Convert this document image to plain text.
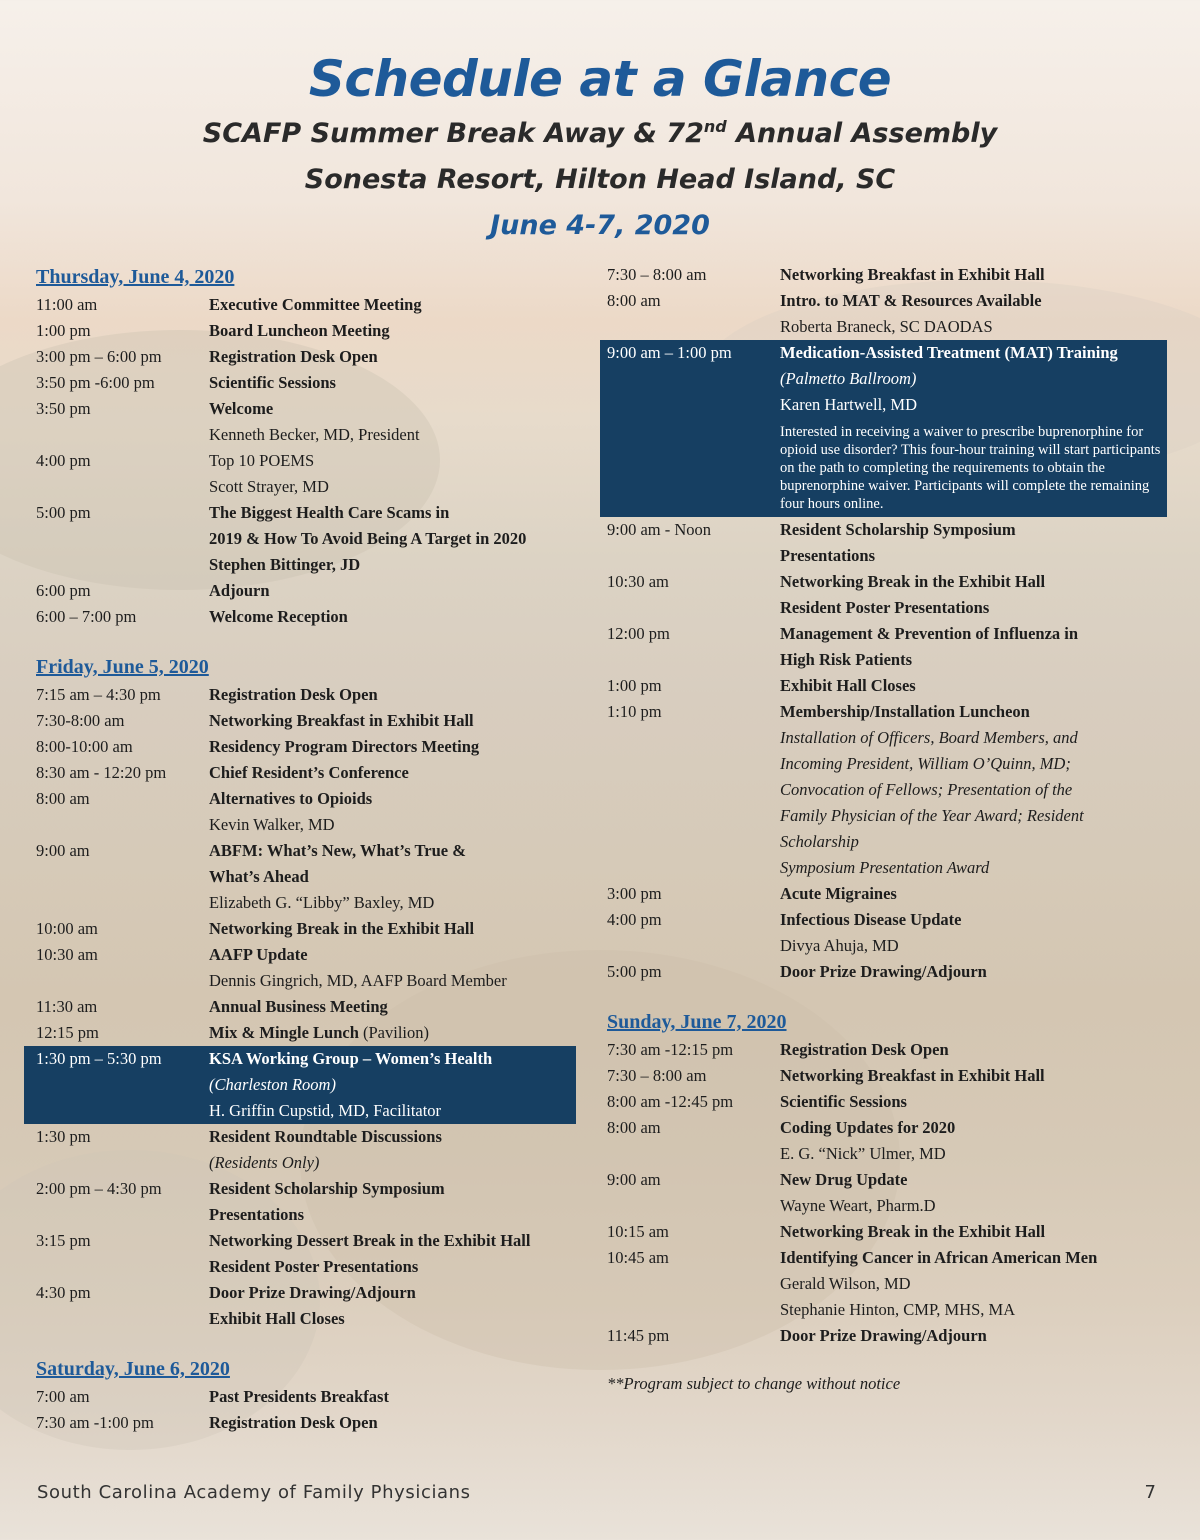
Schedule at a Glance
SCAFP Summer Break Away & 72nd Annual Assembly
Sonesta Resort, Hilton Head Island, SC
June 4-7, 2020
Thursday, June 4, 2020
11:00 am	Executive Committee Meeting
1:00 pm	Board Luncheon Meeting
3:00 pm – 6:00 pm	Registration Desk Open
3:50 pm -6:00 pm	Scientific Sessions
3:50 pm	Welcome
Kenneth Becker, MD, President
4:00 pm	Top 10 POEMS
Scott Strayer, MD
5:00 pm	The Biggest Health Care Scams in
2019 & How To Avoid Being A Target in 2020
Stephen Bittinger, JD
6:00 pm	Adjourn
6:00 – 7:00 pm	Welcome Reception
Friday, June 5, 2020
7:15 am – 4:30 pm	Registration Desk Open
7:30-8:00 am	Networking Breakfast in Exhibit Hall
8:00-10:00 am	Residency Program Directors Meeting
8:30 am - 12:20 pm	Chief Resident’s Conference
8:00 am	Alternatives to Opioids
Kevin Walker, MD
9:00 am	ABFM: What’s New, What’s True &
What’s Ahead
Elizabeth G. “Libby” Baxley, MD
10:00 am	Networking Break in the Exhibit Hall
10:30 am	AAFP Update
Dennis Gingrich, MD, AAFP Board Member
11:30 am	Annual Business Meeting
12:15 pm	Mix & Mingle Lunch (Pavilion)
1:30 pm – 5:30 pm	KSA Working Group – Women’s Health
(Charleston Room)
H. Griffin Cupstid, MD, Facilitator
1:30 pm	Resident Roundtable Discussions
(Residents Only)
2:00 pm – 4:30 pm	Resident Scholarship Symposium
Presentations
3:15 pm	Networking Dessert Break in the Exhibit Hall
Resident Poster Presentations
4:30 pm	Door Prize Drawing/Adjourn
Exhibit Hall Closes
Saturday, June 6, 2020
7:00 am	Past Presidents Breakfast
7:30 am -1:00 pm	Registration Desk Open
7:30 – 8:00 am	Networking Breakfast in Exhibit Hall
8:00 am	Intro. to MAT & Resources Available
Roberta Braneck, SC DAODAS
9:00 am – 1:00 pm	Medication-Assisted Treatment (MAT) Training
(Palmetto Ballroom)
Karen Hartwell, MD
Interested in receiving a waiver to prescribe buprenorphine for opioid use disorder? This four-hour training will start participants on the path to completing the requirements to obtain the buprenorphine waiver. Participants will complete the remaining four hours online.
9:00 am - Noon	Resident Scholarship Symposium
Presentations
10:30 am	Networking Break in the Exhibit Hall
Resident Poster Presentations
12:00 pm	Management & Prevention of Influenza in
High Risk Patients
1:00 pm	Exhibit Hall Closes
1:10 pm	Membership/Installation Luncheon
Installation of Officers, Board Members, and
Incoming President, William O’Quinn, MD;
Convocation of Fellows; Presentation of the
Family Physician of the Year Award; Resident
Scholarship
Symposium Presentation Award
3:00 pm	Acute Migraines
4:00 pm	Infectious Disease Update
Divya Ahuja, MD
5:00 pm	Door Prize Drawing/Adjourn
Sunday, June 7, 2020
7:30 am -12:15 pm	Registration Desk Open
7:30 – 8:00 am	Networking Breakfast in Exhibit Hall
8:00 am -12:45 pm	Scientific Sessions
8:00 am	Coding Updates for 2020
E. G. “Nick” Ulmer, MD
9:00 am	New Drug Update
Wayne Weart, Pharm.D
10:15 am	Networking Break in the Exhibit Hall
10:45 am	Identifying Cancer in African American Men
Gerald Wilson, MD
Stephanie Hinton, CMP, MHS, MA
11:45 pm	Door Prize Drawing/Adjourn
**Program subject to change without notice
South Carolina Academy of Family Physicians	7
